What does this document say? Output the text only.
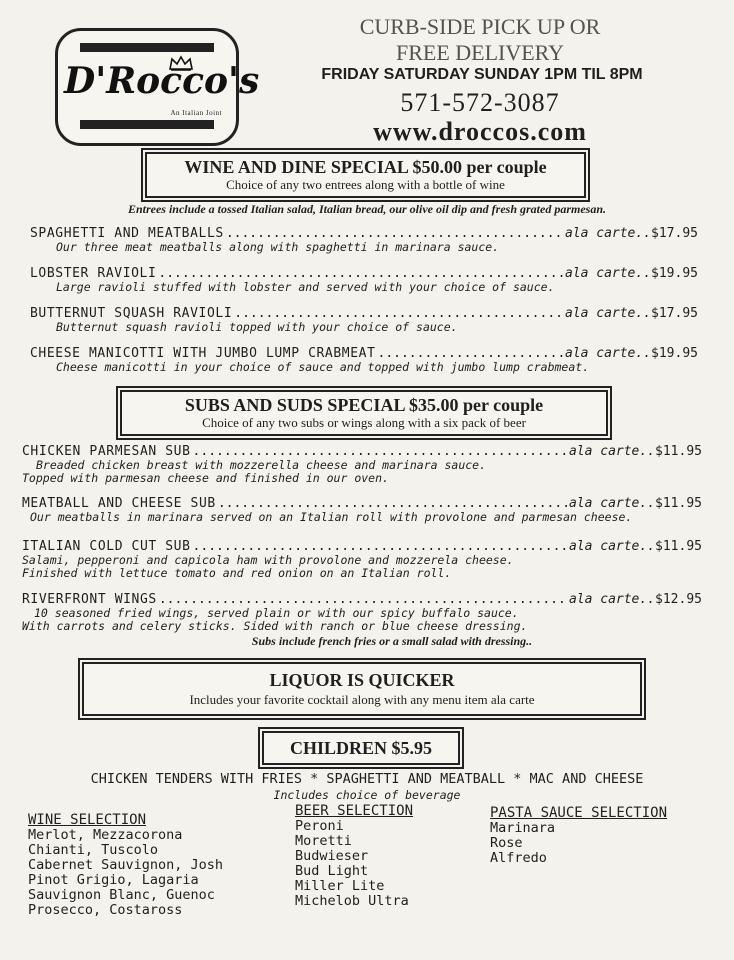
D'Rocco's
An Italian Joint
CURB-SIDE PICK UP OR
FREE DELIVERY
FRIDAY SATURDAY SUNDAY 1PM TIL 8PM
571-572-3087
www.droccos.com
WINE AND DINE SPECIAL $50.00 per couple
Choice of any two entrees along with a bottle of wine
Entrees include a tossed Italian salad, Italian bread, our olive oil dip and fresh grated parmesan.
SPAGHETTI AND MEATBALLS .....	ala carte.. $17.95
Our three meat meatballs along with spaghetti in marinara sauce.
LOBSTER RAVIOLI .....	ala carte.. $19.95
Large ravioli stuffed with lobster and served with your choice of sauce.
BUTTERNUT SQUASH RAVIOLI .....	ala carte.. $17.95
Butternut squash ravioli topped with your choice of sauce.
CHEESE MANICOTTI WITH JUMBO LUMP CRABMEAT .....	ala carte.. $19.95
Cheese manicotti in your choice of sauce and topped with jumbo lump crabmeat.
SUBS AND SUDS SPECIAL $35.00 per couple
Choice of any two subs or wings along with a six pack of beer
CHICKEN PARMESAN SUB .....	ala carte.. $11.95
Breaded chicken breast with mozzerella cheese and marinara sauce.
Topped with parmesan cheese and finished in our oven.
MEATBALL AND CHEESE SUB .....	ala carte.. $11.95
Our meatballs in marinara served on an Italian roll with provolone and parmesan cheese.
ITALIAN COLD CUT SUB .....	ala carte.. $11.95
Salami, pepperoni and capicola ham with provolone and mozzerela cheese.
Finished with lettuce tomato and red onion on an Italian roll.
RIVERFRONT WINGS .....	ala carte.. $12.95
10 seasoned fried wings, served plain or with our spicy buffalo sauce.
With carrots and celery sticks. Sided with ranch or blue cheese dressing.
Subs include french fries or a small salad with dressing..
LIQUOR IS QUICKER
Includes your favorite cocktail along with any menu item ala carte
CHILDREN $5.95
CHICKEN TENDERS WITH FRIES * SPAGHETTI AND MEATBALL * MAC AND CHEESE
Includes choice of beverage
WINE SELECTION
Merlot, Mezzacorona
Chianti, Tuscolo
Cabernet Sauvignon, Josh
Pinot Grigio, Lagaria
Sauvignon Blanc, Guenoc
Prosecco, Costaross
BEER SELECTION
Peroni
Moretti
Budwieser
Bud Light
Miller Lite
Michelob Ultra
PASTA SAUCE SELECTION
Marinara
Rose
Alfredo
